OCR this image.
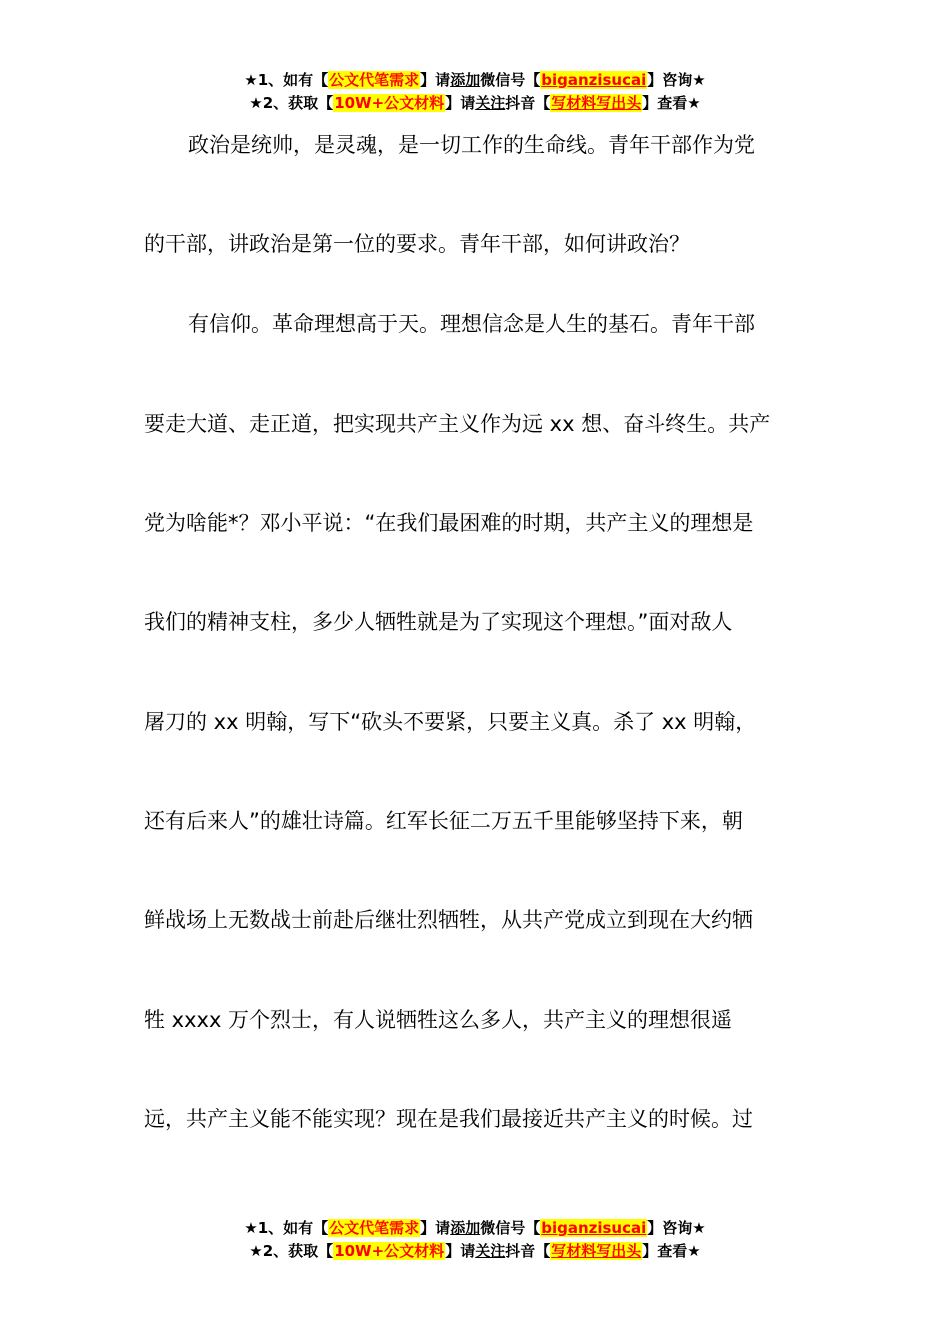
★1、如有【公文代笔需求】请添加微信号【biganzisucai】咨询★
★2、获取【10W+公文材料】请关注抖音【写材料写出头】查看★
政治是统帅，是灵魂，是一切工作的生命线。青年干部作为党
的干部，讲政治是第一位的要求。青年干部，如何讲政治？
有信仰。革命理想高于天。理想信念是人生的基石。青年干部
要走大道、走正道，把实现共产主义作为远 xx 想、奋斗终生。共产
党为啥能*？邓小平说：“在我们最困难的时期，共产主义的理想是
我们的精神支柱，多少人牺牲就是为了实现这个理想。”面对敌人
屠刀的 xx 明翰，写下“砍头不要紧，只要主义真。杀了 xx 明翰，
还有后来人”的雄壮诗篇。红军长征二万五千里能够坚持下来，朝
鲜战场上无数战士前赴后继壮烈牺牲，从共产党成立到现在大约牺
牲 xxxx 万个烈士，有人说牺牲这么多人，共产主义的理想很遥
远，共产主义能不能实现？现在是我们最接近共产主义的时候。过
★1、如有【公文代笔需求】请添加微信号【biganzisucai】咨询★
★2、获取【10W+公文材料】请关注抖音【写材料写出头】查看★
